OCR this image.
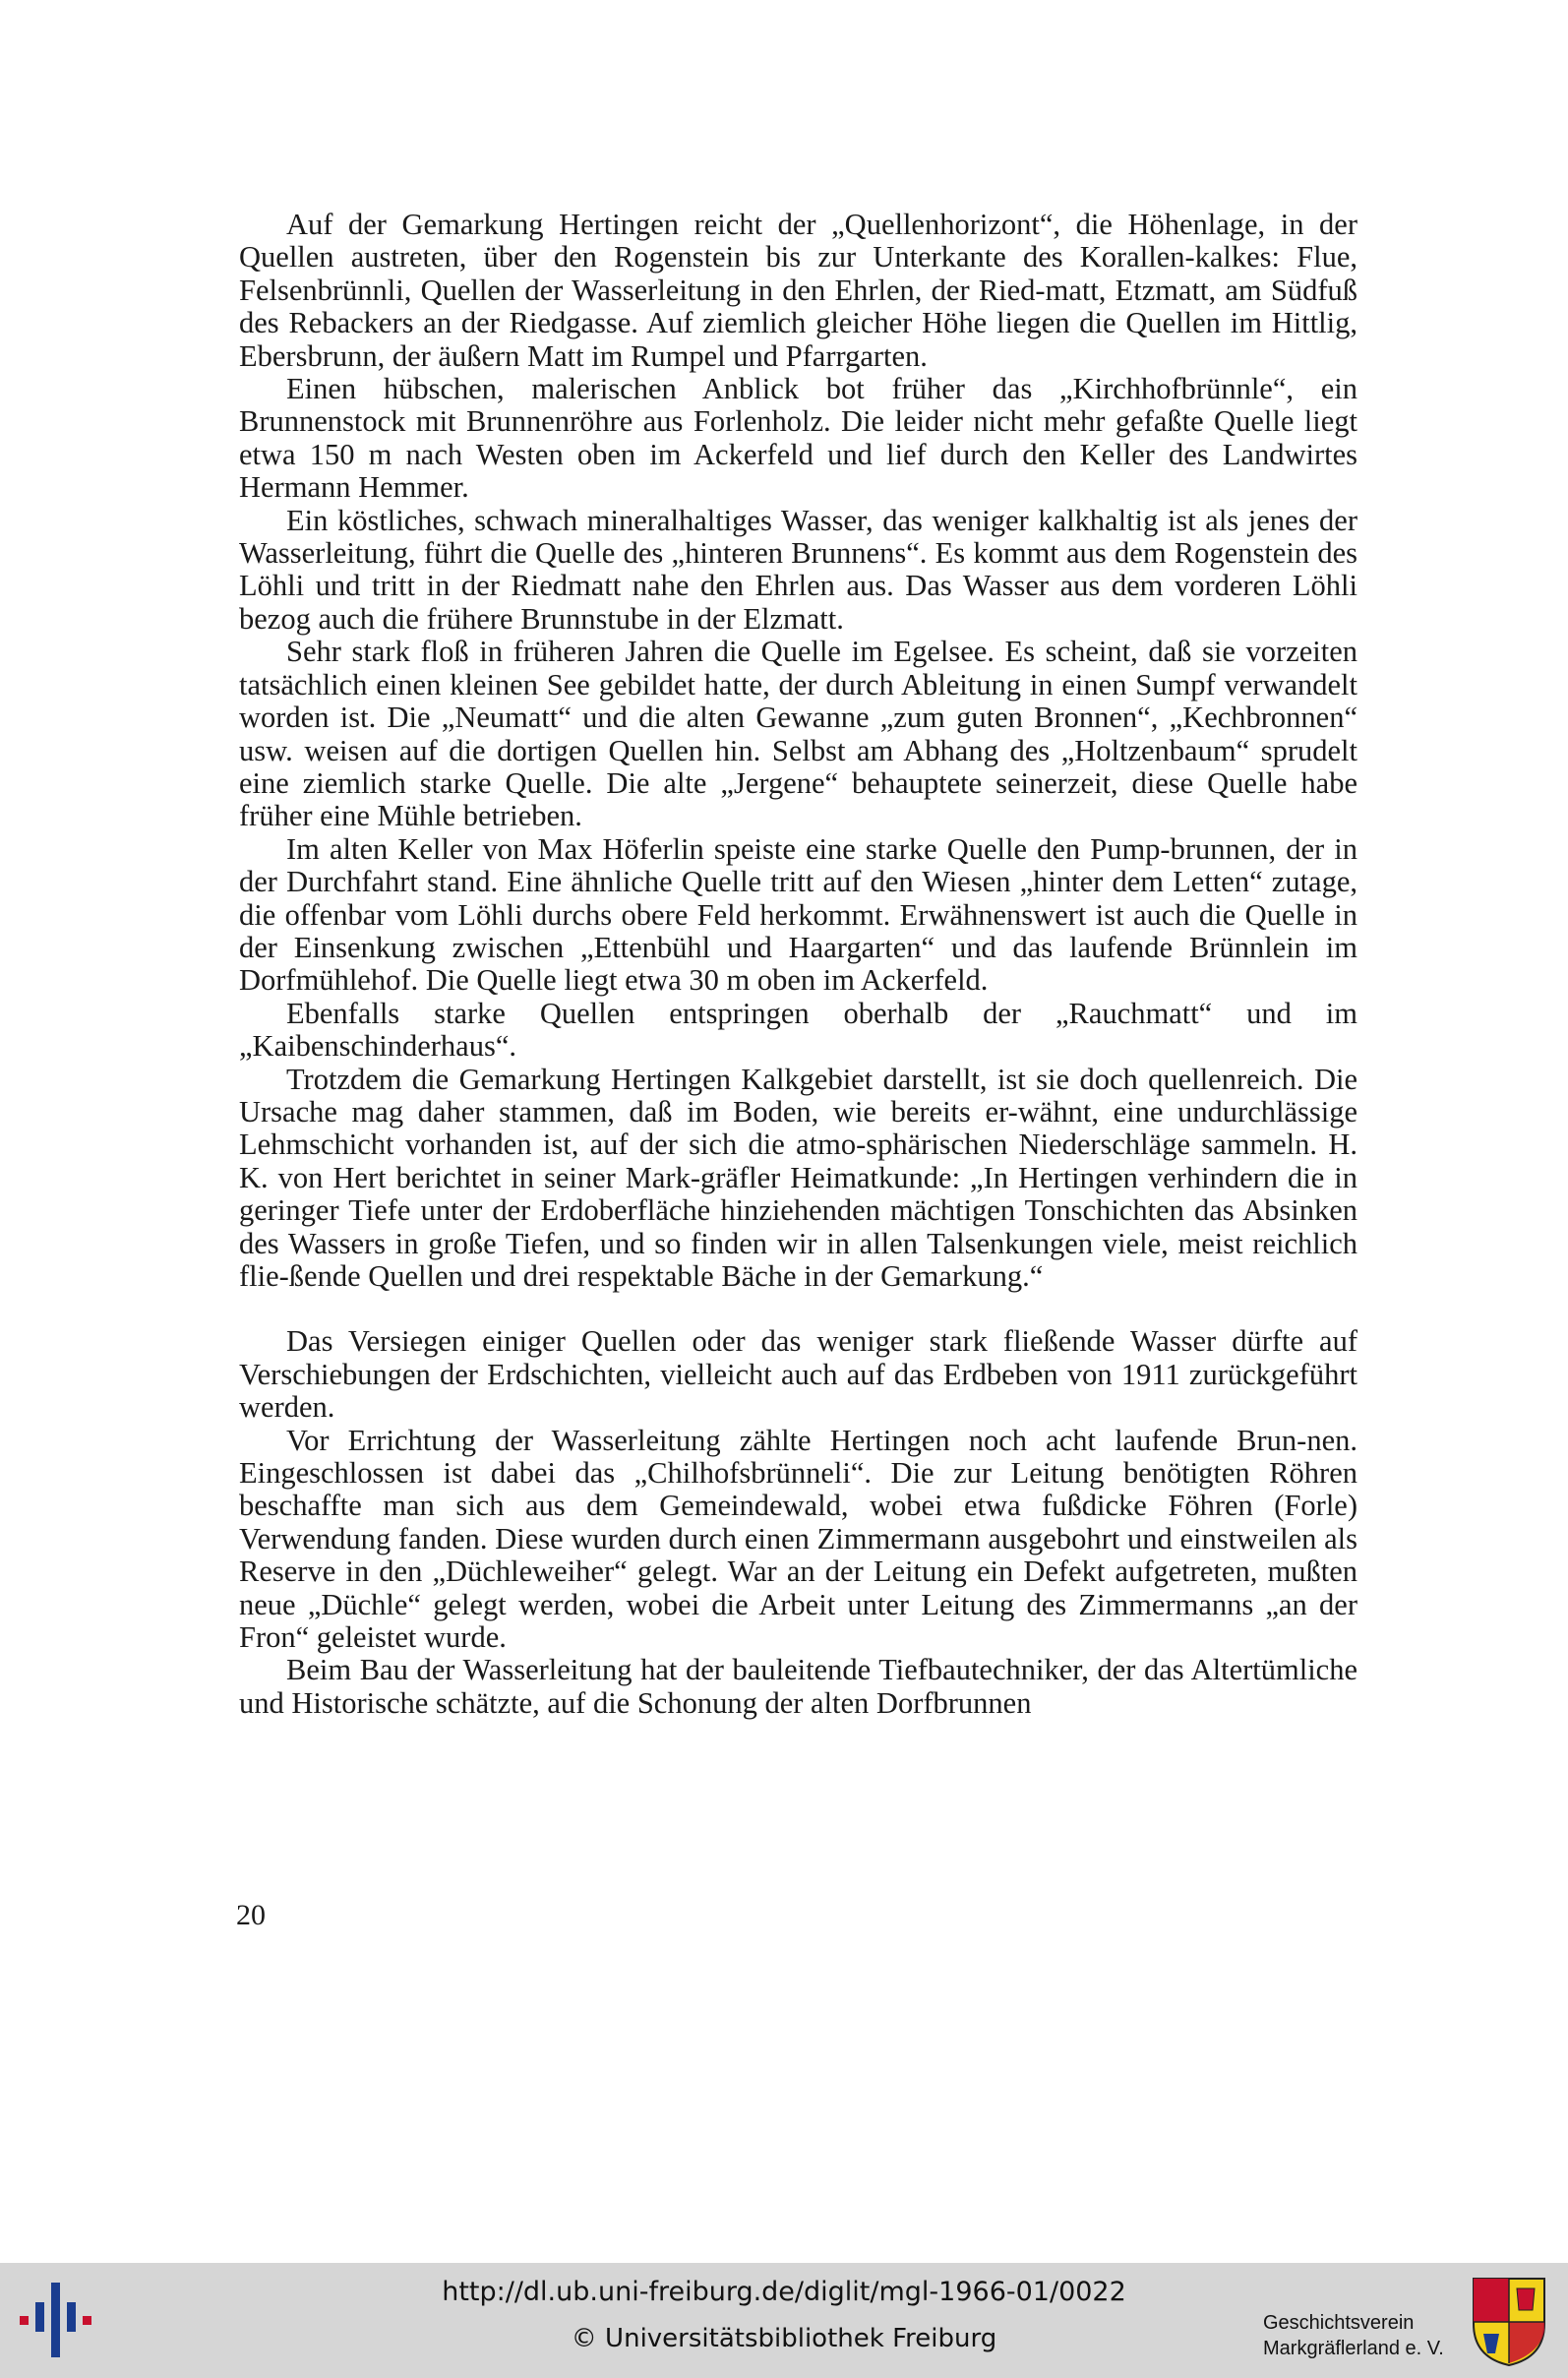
Auf der Gemarkung Hertingen reicht der „Quellenhorizont“, die Höhenlage, in der Quellen austreten, über den Rogenstein bis zur Unterkante des Korallen-kalkes: Flue, Felsenbrünnli, Quellen der Wasserleitung in den Ehrlen, der Ried-matt, Etzmatt, am Südfuß des Rebackers an der Riedgasse. Auf ziemlich gleicher Höhe liegen die Quellen im Hittlig, Ebersbrunn, der äußern Matt im Rumpel und Pfarrgarten.

Einen hübschen, malerischen Anblick bot früher das „Kirchhofbrünnle“, ein Brunnenstock mit Brunnenröhre aus Forlenholz. Die leider nicht mehr gefaßte Quelle liegt etwa 150 m nach Westen oben im Ackerfeld und lief durch den Keller des Landwirtes Hermann Hemmer.

Ein köstliches, schwach mineralhaltiges Wasser, das weniger kalkhaltig ist als jenes der Wasserleitung, führt die Quelle des „hinteren Brunnens“. Es kommt aus dem Rogenstein des Löhli und tritt in der Riedmatt nahe den Ehrlen aus. Das Wasser aus dem vorderen Löhli bezog auch die frühere Brunnstube in der Elzmatt.

Sehr stark floß in früheren Jahren die Quelle im Egelsee. Es scheint, daß sie vorzeiten tatsächlich einen kleinen See gebildet hatte, der durch Ableitung in einen Sumpf verwandelt worden ist. Die „Neumatt“ und die alten Gewanne „zum guten Bronnen“, „Kechbronnen“ usw. weisen auf die dortigen Quellen hin. Selbst am Abhang des „Holtzenbaum“ sprudelt eine ziemlich starke Quelle. Die alte „Jergene“ behauptete seinerzeit, diese Quelle habe früher eine Mühle betrieben.

Im alten Keller von Max Höferlin speiste eine starke Quelle den Pump-brunnen, der in der Durchfahrt stand. Eine ähnliche Quelle tritt auf den Wiesen „hinter dem Letten“ zutage, die offenbar vom Löhli durchs obere Feld herkommt. Erwähnenswert ist auch die Quelle in der Einsenkung zwischen „Ettenbühl und Haargarten“ und das laufende Brünnlein im Dorfmühlehof. Die Quelle liegt etwa 30 m oben im Ackerfeld.

Ebenfalls starke Quellen entspringen oberhalb der „Rauchmatt“ und im „Kaibenschinderhaus“.

Trotzdem die Gemarkung Hertingen Kalkgebiet darstellt, ist sie doch quellenreich. Die Ursache mag daher stammen, daß im Boden, wie bereits er-wähnt, eine undurchlässige Lehmschicht vorhanden ist, auf der sich die atmo-sphärischen Niederschläge sammeln. H. K. von Hert berichtet in seiner Mark-gräfler Heimatkunde: „In Hertingen verhindern die in geringer Tiefe unter der Erdoberfläche hinziehenden mächtigen Tonschichten das Absinken des Wassers in große Tiefen, und so finden wir in allen Talsenkungen viele, meist reichlich flie-ßende Quellen und drei respektable Bäche in der Gemarkung.“

Das Versiegen einiger Quellen oder das weniger stark fließende Wasser dürfte auf Verschiebungen der Erdschichten, vielleicht auch auf das Erdbeben von 1911 zurückgeführt werden.

Vor Errichtung der Wasserleitung zählte Hertingen noch acht laufende Brun-nen. Eingeschlossen ist dabei das „Chilhofsbrünneli“. Die zur Leitung benötigten Röhren beschaffte man sich aus dem Gemeindewald, wobei etwa fußdicke Föhren (Forle) Verwendung fanden. Diese wurden durch einen Zimmermann ausgebohrt und einstweilen als Reserve in den „Düchleweiher“ gelegt. War an der Leitung ein Defekt aufgetreten, mußten neue „Düchle“ gelegt werden, wobei die Arbeit unter Leitung des Zimmermanns „an der Fron“ geleistet wurde.

Beim Bau der Wasserleitung hat der bauleitende Tiefbautechniker, der das Altertümliche und Historische schätzte, auf die Schonung der alten Dorfbrunnen

20
http://dl.ub.uni-freiburg.de/diglit/mgl-1966-01/0022
© Universitätsbibliothek Freiburg
Geschichtsverein
Markgräflerland e. V.
